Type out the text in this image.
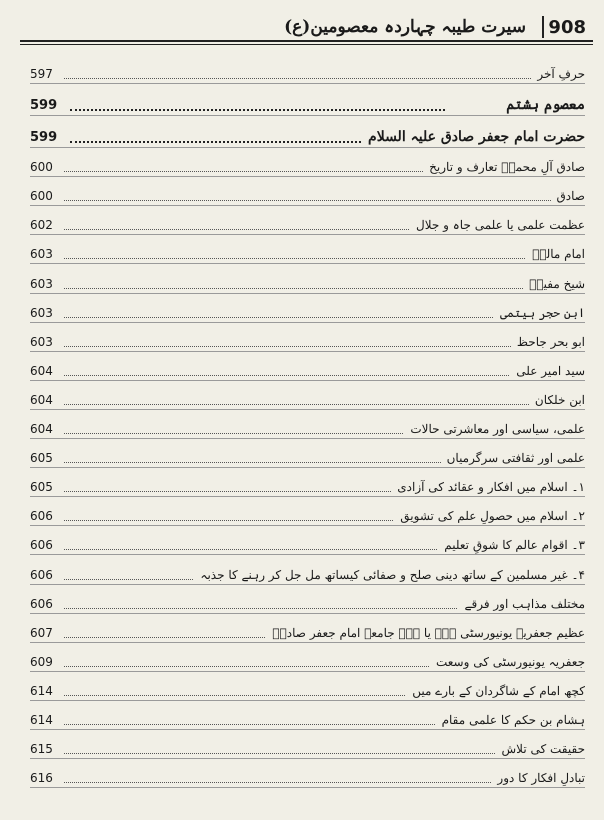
سیرت طیبہ چہاردہ معصومین(ع) 908
597	حرفِ آخر
599	معصوم ہشتم
599	حضرت امام جعفر صادق علیہ السلام
600	صادق آلِ محمدؐ تعارف و تاریخ
600	صادق
602	عظمت علمی یا علمی جاہ و جلال
603	امام مالکؒ
603	شیخ مفیدؒ
603	ابن حجر ہیتمی
603	ابو بحر جاحظ
604	سید امیر علی
604	ابن خلکان
604	علمی، سیاسی اور معاشرتی حالات
605	علمی اور ثقافتی سرگرمیاں
605	۱۔ اسلام میں افکار و عقائد کی آزادی
606	۲۔ اسلام میں حصولِ علم کی تشویق
606	۳۔ اقوام عالم کا شوقِ تعلیم
606	۴۔ غیر مسلمین کے ساتھ دینی صلح و صفائی کیساتھ مل جل کر رہنے کا جذبہ
606	مختلف مذاہب اور فرقے
607	عظیم جعفریہ یونیورسٹی ۔۔۔ یا ۔۔۔ جامعہ امام جعفر صادقؑ
609	جعفریہ یونیورسٹی کی وسعت
614	کچھ امام کے شاگردان کے بارے میں
614	ہشام بن حکم کا علمی مقام
615	حقیقت کی تلاش
616	تبادلِ افکار کا دور
